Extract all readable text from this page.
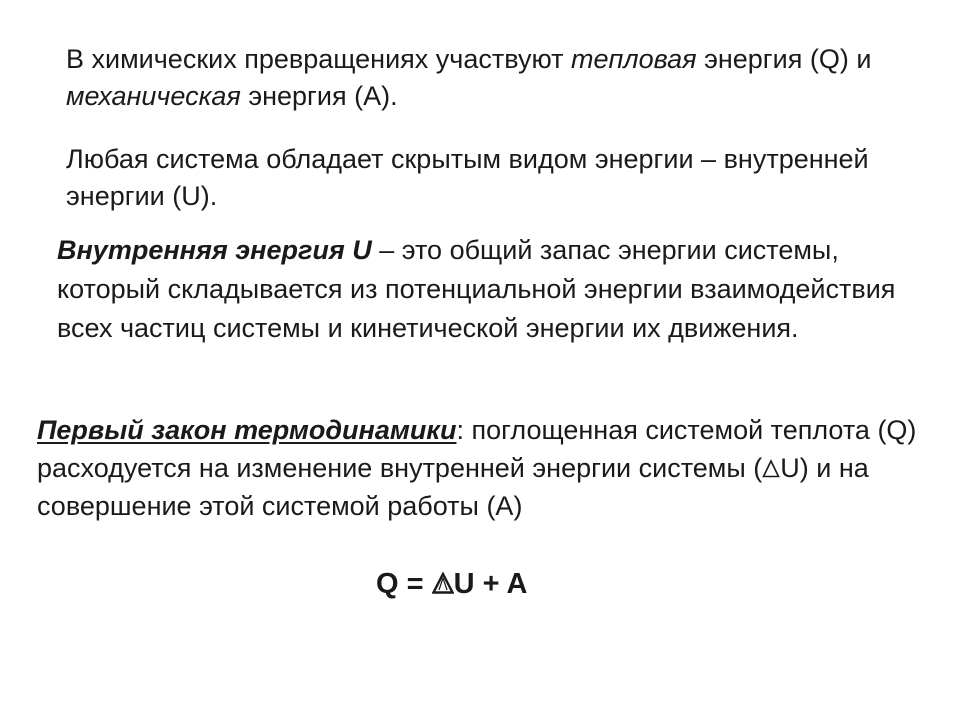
В химических превращениях участвуют тепловая энергия (Q) и механическая энергия (А).

Любая система обладает скрытым видом энергии – внутренней энергии (U).

Внутренняя энергия U – это общий запас энергии системы, который складывается из потенциальной энергии взаимодействия всех частиц системы и кинетической энергии их движения.

Первый закон термодинамики: поглощенная системой теплота (Q) расходуется на изменение внутренней энергии системы ( U) и на совершение этой системой работы (А)

Q = U + A
